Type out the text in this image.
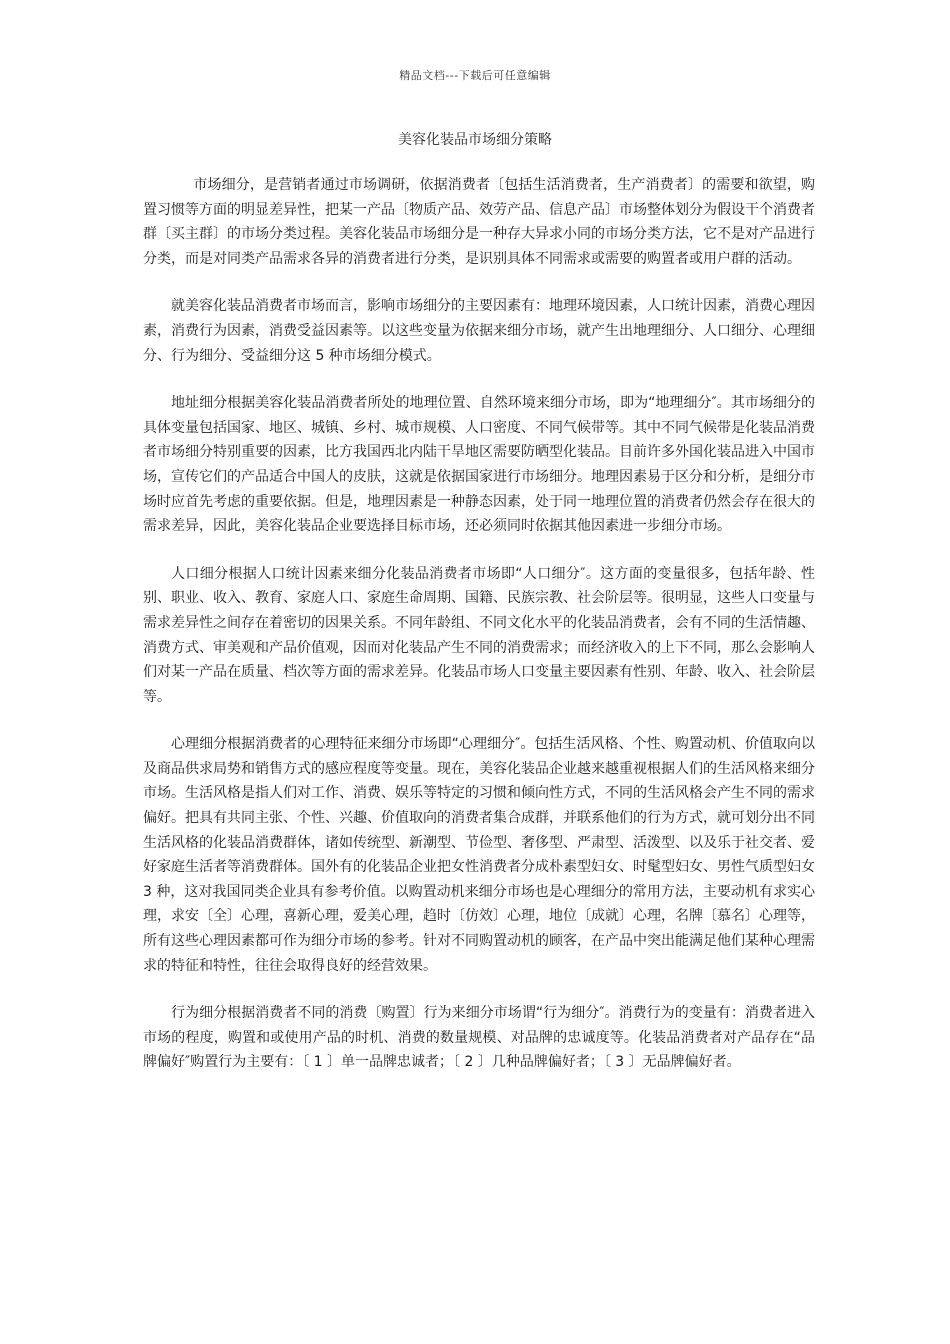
精品文档---下载后可任意编辑
美容化装品市场细分策略

市场细分，是营销者通过市场调研，依据消费者〔包括生活消费者，生产消费者〕的需要和欲望，购置习惯等方面的明显差异性，把某一产品〔物质产品、效劳产品、信息产品〕市场整体划分为假设干个消费者群〔买主群〕的市场分类过程。美容化装品市场细分是一种存大异求小同的市场分类方法，它不是对产品进行分类，而是对同类产品需求各异的消费者进行分类，是识别具体不同需求或需要的购置者或用户群的活动。

就美容化装品消费者市场而言，影响市场细分的主要因素有：地理环境因素，人口统计因素，消费心理因素，消费行为因素，消费受益因素等。以这些变量为依据来细分市场，就产生出地理细分、人口细分、心理细分、行为细分、受益细分这 5 种市场细分模式。

地址细分根据美容化装品消费者所处的地理位置、自然环境来细分市场，即为“地理细分″。其市场细分的具体变量包括国家、地区、城镇、乡村、城市规模、人口密度、不同气候带等。其中不同气候带是化装品消费者市场细分特别重要的因素，比方我国西北内陆干旱地区需要防晒型化装品。目前许多外国化装品进入中国市场，宣传它们的产品适合中国人的皮肤，这就是依据国家进行市场细分。地理因素易于区分和分析，是细分市场时应首先考虑的重要依据。但是，地理因素是一种静态因素，处于同一地理位置的消费者仍然会存在很大的需求差异，因此，美容化装品企业要选择目标市场，还必须同时依据其他因素进一步细分市场。

人口细分根据人口统计因素来细分化装品消费者市场即“人口细分″。这方面的变量很多，包括年龄、性别、职业、收入、教育、家庭人口、家庭生命周期、国籍、民族宗教、社会阶层等。很明显，这些人口变量与需求差异性之间存在着密切的因果关系。不同年龄组、不同文化水平的化装品消费者，会有不同的生活情趣、消费方式、审美观和产品价值观，因而对化装品产生不同的消费需求；而经济收入的上下不同，那么会影响人们对某一产品在质量、档次等方面的需求差异。化装品市场人口变量主要因素有性别、年龄、收入、社会阶层等。

心理细分根据消费者的心理特征来细分市场即“心理细分″。包括生活风格、个性、购置动机、价值取向以及商品供求局势和销售方式的感应程度等变量。现在，美容化装品企业越来越重视根据人们的生活风格来细分市场。生活风格是指人们对工作、消费、娱乐等特定的习惯和倾向性方式，不同的生活风格会产生不同的需求偏好。把具有共同主张、个性、兴趣、价值取向的消费者集合成群，并联系他们的行为方式，就可划分出不同生活风格的化装品消费群体，诸如传统型、新潮型、节俭型、奢侈型、严肃型、活泼型、以及乐于社交者、爱好家庭生活者等消费群体。国外有的化装品企业把女性消费者分成朴素型妇女、时髦型妇女、男性气质型妇女 3 种，这对我国同类企业具有参考价值。以购置动机来细分市场也是心理细分的常用方法，主要动机有求实心理，求安〔全〕心理，喜新心理，爱美心理，趋时〔仿效〕心理，地位〔成就〕心理，名牌〔慕名〕心理等，所有这些心理因素都可作为细分市场的参考。针对不同购置动机的顾客，在产品中突出能满足他们某种心理需求的特征和特性，往往会取得良好的经营效果。

行为细分根据消费者不同的消费〔购置〕行为来细分市场谓“行为细分″。消费行为的变量有：消费者进入市场的程度，购置和或使用产品的时机、消费的数量规模、对品牌的忠诚度等。化装品消费者对产品存在“品牌偏好″购置行为主要有：〔 1 〕单一品牌忠诚者；〔 2 〕几种品牌偏好者；〔 3 〕无品牌偏好者。
